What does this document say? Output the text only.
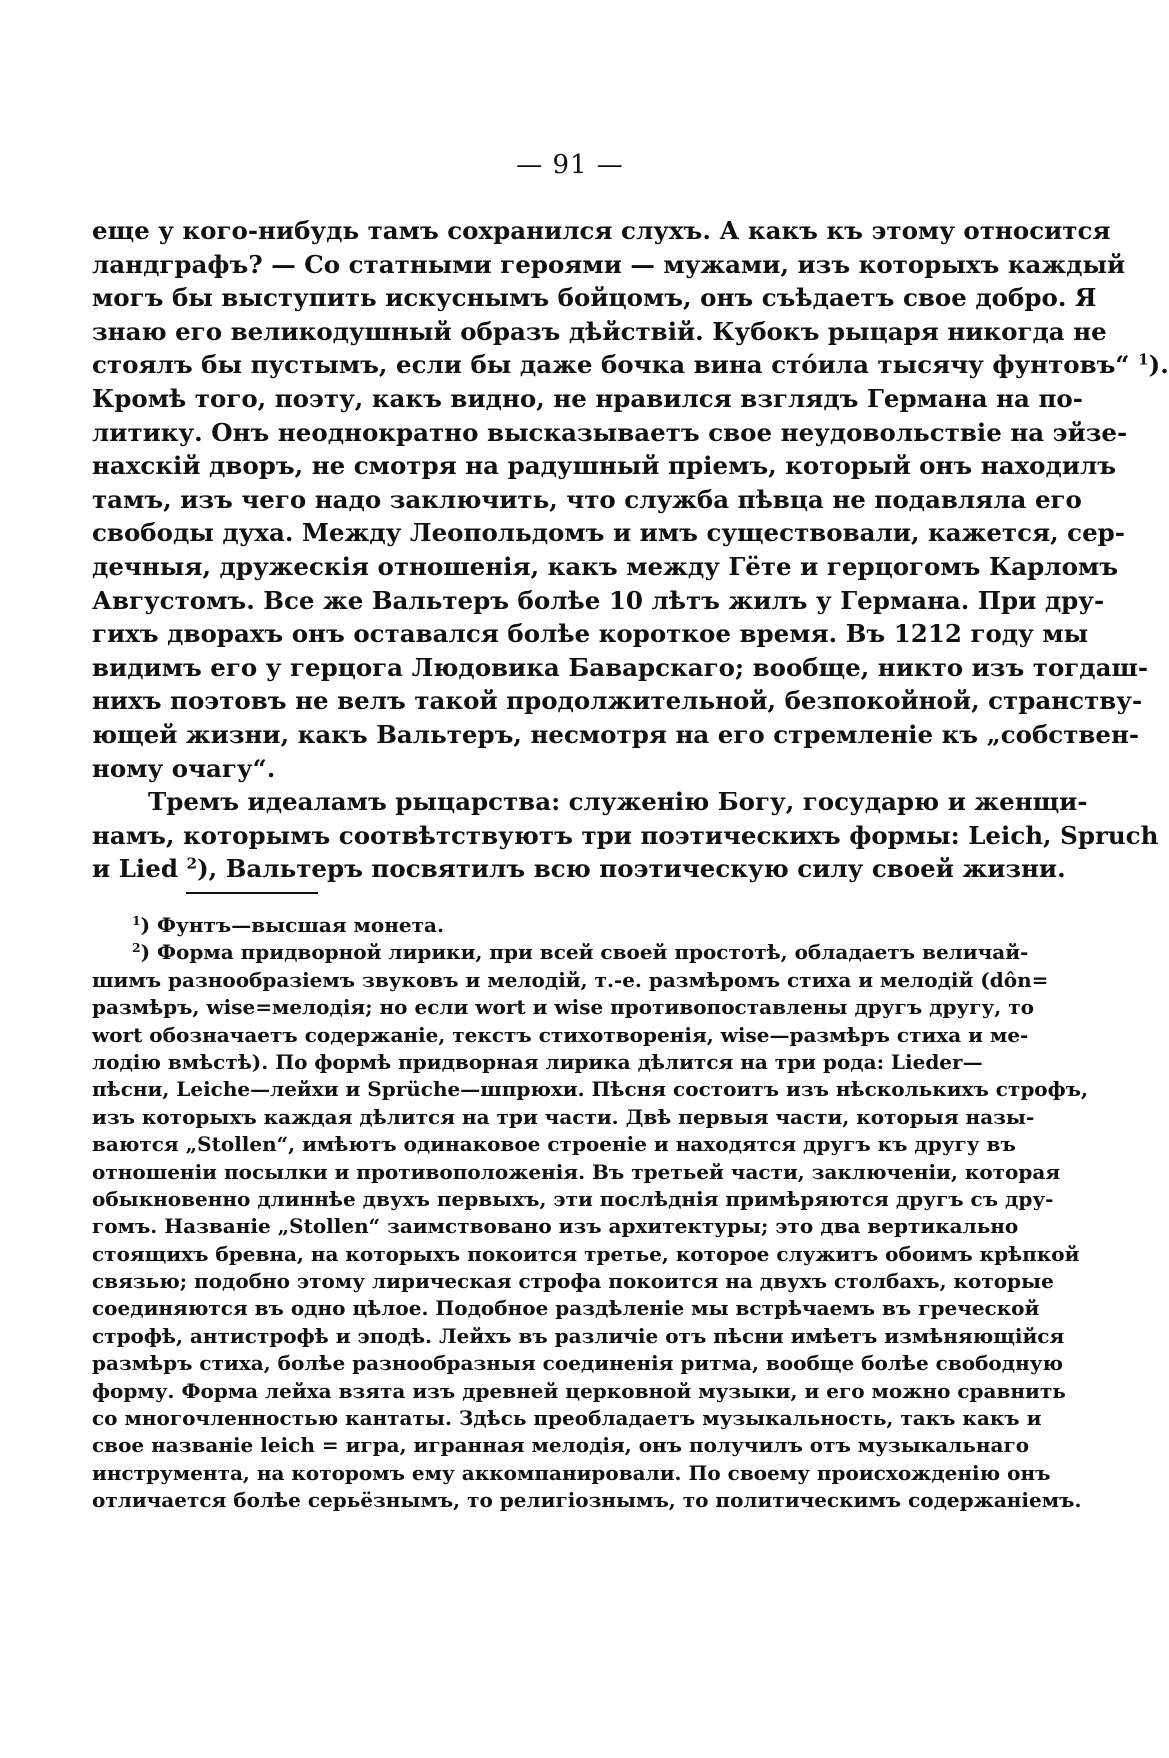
— 91 —
еще у кого-нибудь тамъ сохранился слухъ. А какъ къ этому относится
ландграфъ? — Со статными героями — мужами, изъ которыхъ каждый
могъ бы выступить искуснымъ бойцомъ, онъ съѣдаетъ свое добро. Я
знаю его великодушный образъ дѣйствій. Кубокъ рыцаря никогда не
стоялъ бы пустымъ, если бы даже бочка вина стóила тысячу фунтовъ“ $^1$).
Кромѣ того, поэту, какъ видно, не нравился взглядъ Германа на по-
литику. Онъ неоднократно высказываетъ свое неудовольствіе на эйзе-
нахскій дворъ, не смотря на радушный пріемъ, который онъ находилъ
тамъ, изъ чего надо заключить, что служба пѣвца не подавляла его
свободы духа. Между Леопольдомъ и имъ существовали, кажется, сер-
дечныя, дружескія отношенія, какъ между Гёте и герцогомъ Карломъ
Августомъ. Все же Вальтеръ болѣе 10 лѣтъ жилъ у Германа. При дру-
гихъ дворахъ онъ оставался болѣе короткое время. Въ 1212 году мы
видимъ его у герцога Людовика Баварскаго; вообще, никто изъ тогдаш-
нихъ поэтовъ не велъ такой продолжительной, безпокойной, странству-
ющей жизни, какъ Вальтеръ, несмотря на его стремленіе къ „собствен-
ному очагу“.
Тремъ идеаламъ рыцарства: служенію Богу, государю и женщи-
намъ, которымъ соотвѣтствуютъ три поэтическихъ формы: Leich, Spruch
и Lied $^2$), Вальтеръ посвятилъ всю поэтическую силу своей жизни.
$^1$) Фунтъ—высшая монета.
$^2$) Форма придворной лирики, при всей своей простотѣ, обладаетъ величай-
шимъ разнообразіемъ звуковъ и мелодій, т.-е. размѣромъ стиха и мелодій (dôn=
размѣръ, wise=мелодія; но если wort и wise противопоставлены другъ другу, то
wort обозначаетъ содержаніе, текстъ стихотворенія, wise—размѣръ стиха и ме-
лодію вмѣстѣ). По формѣ придворная лирика дѣлится на три рода: Lieder—
пѣсни, Leiche—лейхи и Sprüche—шпрюхи. Пѣсня состоитъ изъ нѣсколькихъ строфъ,
изъ которыхъ каждая дѣлится на три части. Двѣ первыя части, которыя назы-
ваются „Stollen“, имѣютъ одинаковое строеніе и находятся другъ къ другу въ
отношеніи посылки и противоположенія. Въ третьей части, заключеніи, которая
обыкновенно длиннѣе двухъ первыхъ, эти послѣднія примѣряются другъ съ дру-
гомъ. Названіе „Stollen“ заимствовано изъ архитектуры; это два вертикально
стоящихъ бревна, на которыхъ покоится третье, которое служитъ обоимъ крѣпкой
связью; подобно этому лирическая строфа покоится на двухъ столбахъ, которые
соединяются въ одно цѣлое. Подобное раздѣленіе мы встрѣчаемъ въ греческой
строфѣ, антистрофѣ и эподѣ. Лейхъ въ различіе отъ пѣсни имѣетъ измѣняющійся
размѣръ стиха, болѣе разнообразныя соединенія ритма, вообще болѣе свободную
форму. Форма лейха взята изъ древней церковной музыки, и его можно сравнить
со многочленностью кантаты. Здѣсь преобладаетъ музыкальность, такъ какъ и
свое названіе leich = игра, игранная мелодія, онъ получилъ отъ музыкальнаго
инструмента, на которомъ ему аккомпанировали. По своему происхожденію онъ
отличается болѣе серьёзнымъ, то религіознымъ, то политическимъ содержаніемъ.
